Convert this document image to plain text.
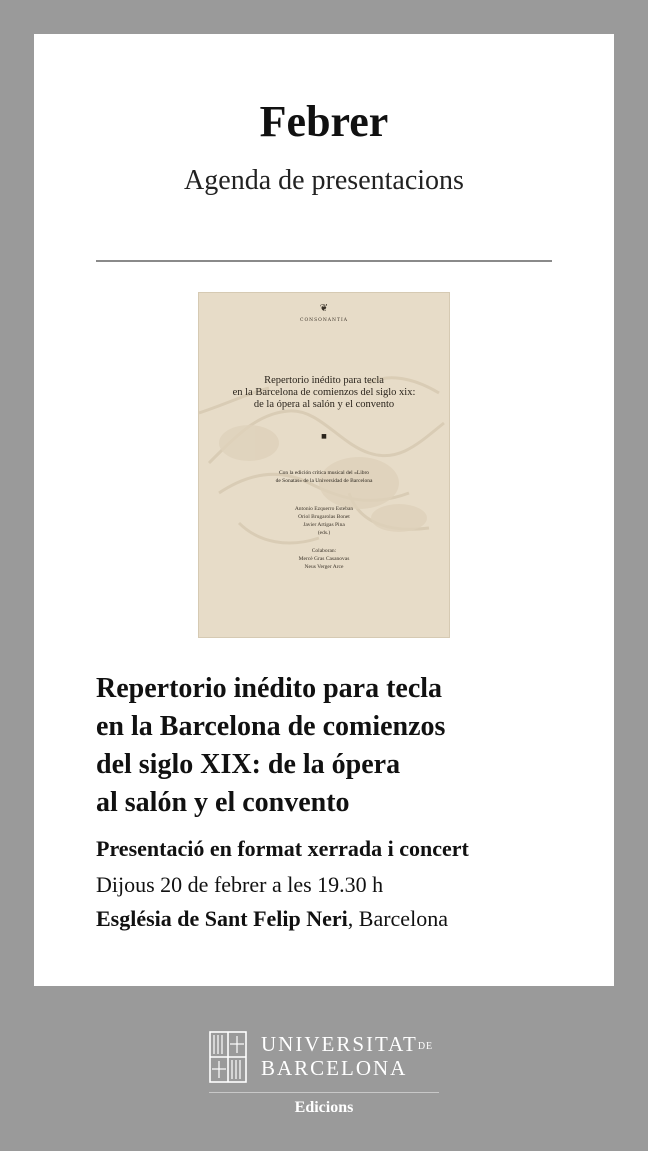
Febrer
Agenda de presentacions
❦
CONSONANTIA
Repertorio inédito para tecla
en la Barcelona de comienzos del siglo xix:
de la ópera al salón y el convento
■
Con la edición crítica musical del «Libro
de Sonatas» de la Universidad de Barcelona
Antonio Ezquerro Esteban
Oriol Brugarolas Bonet
Javier Artigas Pina
(eds.)
Colaboran:
Mercè Gras Casanovas
Neus Verger Arce
Repertorio inédito para tecla
en la Barcelona de comienzos
del siglo XIX: de la ópera
al salón y el convento
Presentació en format xerrada i concert
Dijous 20 de febrer a les 19.30 h
Església de Sant Felip Neri, Barcelona
UNIVERSITATDE
BARCELONA
Edicions
